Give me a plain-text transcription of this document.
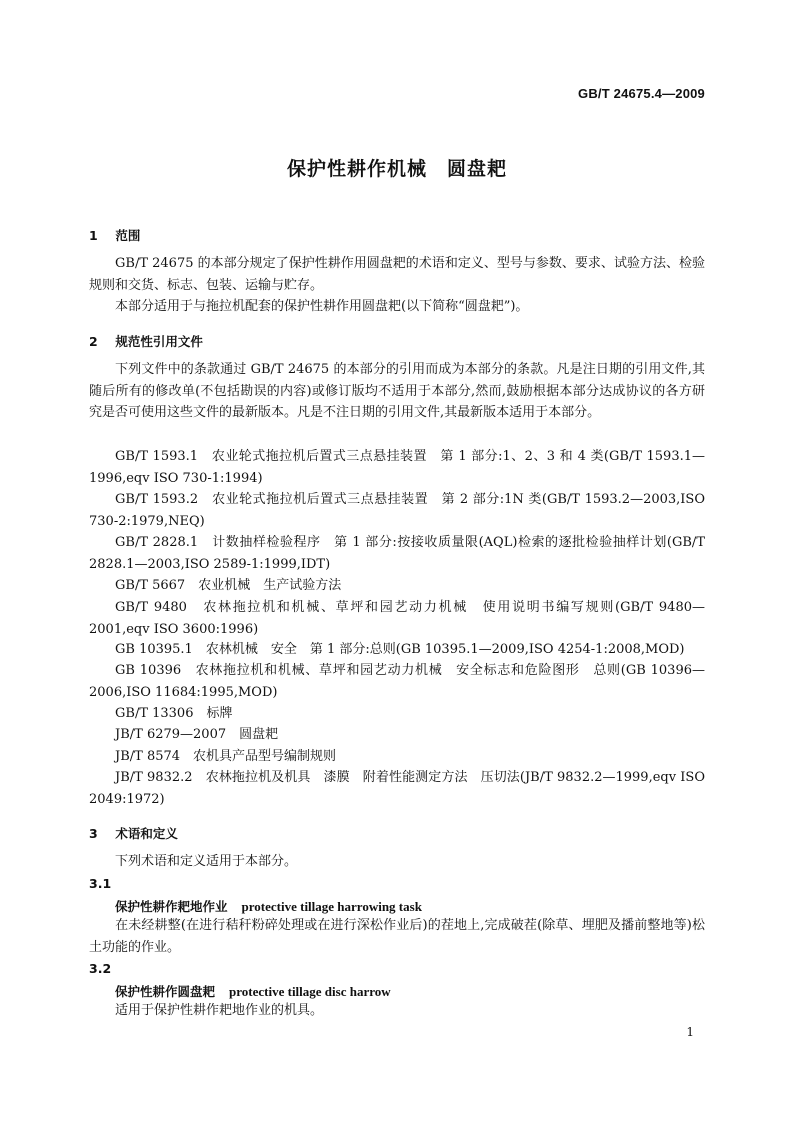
GB/T 24675.4—2009
保护性耕作机械　圆盘耙
1 范围
GB/T 24675 的本部分规定了保护性耕作用圆盘耙的术语和定义、型号与参数、要求、试验方法、检验规则和交货、标志、包装、运输与贮存。
本部分适用于与拖拉机配套的保护性耕作用圆盘耙(以下简称“圆盘耙”)。
2 规范性引用文件
下列文件中的条款通过 GB/T 24675 的本部分的引用而成为本部分的条款。凡是注日期的引用文件,其随后所有的修改单(不包括勘误的内容)或修订版均不适用于本部分,然而,鼓励根据本部分达成协议的各方研究是否可使用这些文件的最新版本。凡是不注日期的引用文件,其最新版本适用于本部分。
GB/T 1593.1　农业轮式拖拉机后置式三点悬挂装置　第 1 部分:1、2、3 和 4 类(GB/T 1593.1—1996,eqv ISO 730-1:1994)
GB/T 1593.2　农业轮式拖拉机后置式三点悬挂装置　第 2 部分:1N 类(GB/T 1593.2—2003,ISO 730-2:1979,NEQ)
GB/T 2828.1　计数抽样检验程序　第 1 部分:按接收质量限(AQL)检索的逐批检验抽样计划(GB/T 2828.1—2003,ISO 2589-1:1999,IDT)
GB/T 5667　农业机械　生产试验方法
GB/T 9480　农林拖拉机和机械、草坪和园艺动力机械　使用说明书编写规则(GB/T 9480—2001,eqv ISO 3600:1996)
GB 10395.1　农林机械　安全　第 1 部分:总则(GB 10395.1—2009,ISO 4254-1:2008,MOD)
GB 10396　农林拖拉机和机械、草坪和园艺动力机械　安全标志和危险图形　总则(GB 10396—2006,ISO 11684:1995,MOD)
GB/T 13306　标牌
JB/T 6279—2007　圆盘耙
JB/T 8574　农机具产品型号编制规则
JB/T 9832.2　农林拖拉机及机具　漆膜　附着性能测定方法　压切法(JB/T 9832.2—1999,eqv ISO 2049:1972)
3 术语和定义
下列术语和定义适用于本部分。
3.1
保护性耕作耙地作业 protective tillage harrowing task
在未经耕整(在进行秸秆粉碎处理或在进行深松作业后)的茬地上,完成破茬(除草、埋肥及播前整地等)松土功能的作业。
3.2
保护性耕作圆盘耙 protective tillage disc harrow
适用于保护性耕作耙地作业的机具。
1
